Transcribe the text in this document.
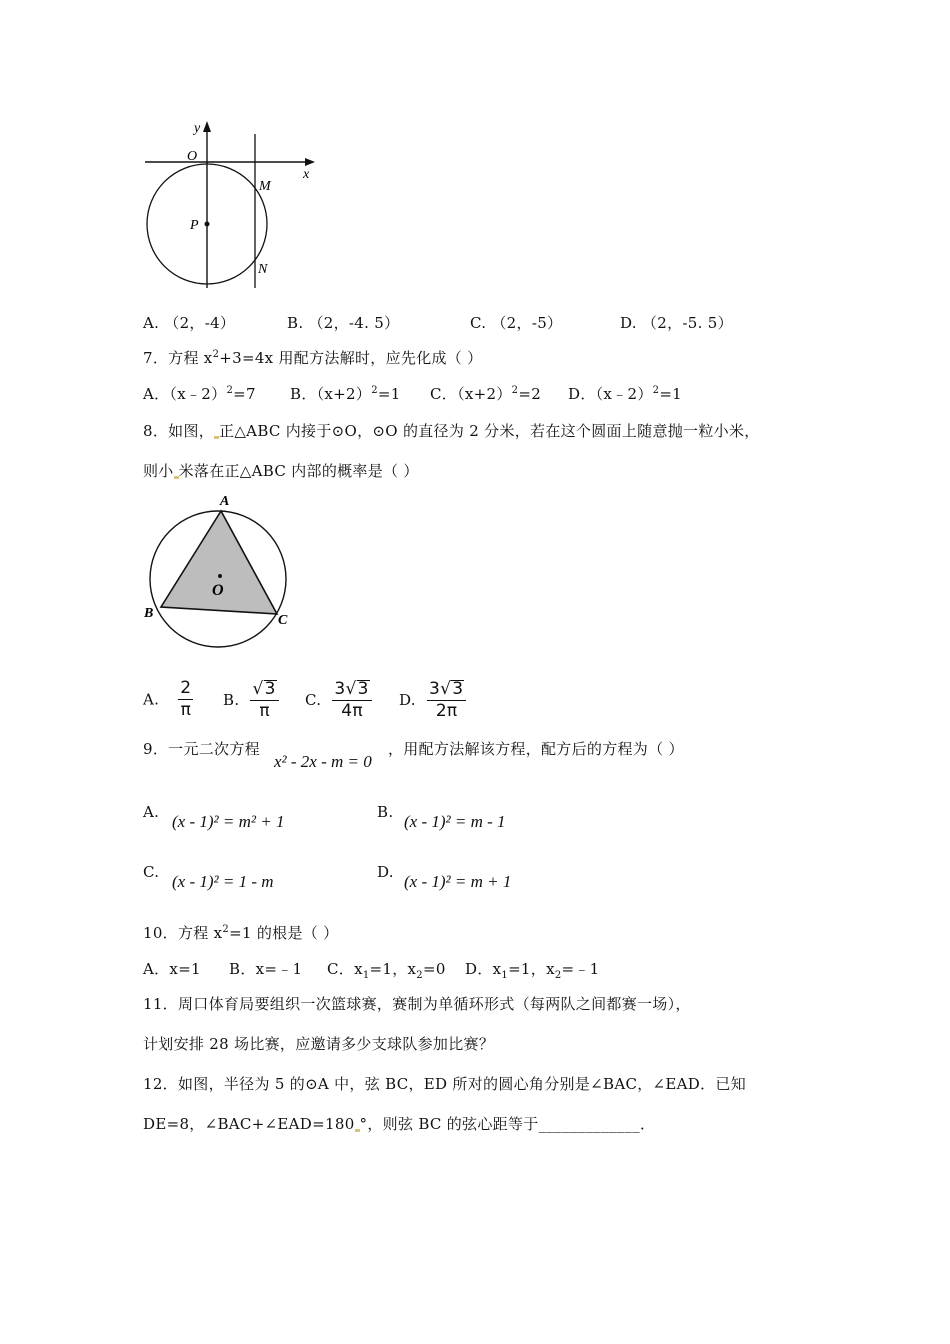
y
x
O
P
M
N
A. （2，-4）	B. （2，-4. 5）	C. （2，-5）	D. （2，-5. 5）
7．方程 $x^2+3=4x$ 用配方法解时，应先化成（ ）
A．（x﹣2）$^2$=7 B．$(x+2)^2=1$ C．$(x+2)^2=2$ D．（x﹣2）$^2$=1
8．如图， 正△ABC 内接于⊙O，⊙O 的直径为 2 分米，若在这个圆面上随意抛一粒小米，
则小 米落在正△ABC 内部的概率是（ ）
A
B	C
O
A. $\frac{2}{\pi} B$. $\frac{√3}{\pi} C$. $\frac{3√3}{4\pi} D$. $\frac{3√3}{2\pi}$
9．一元二次方程
x² - 2x - m = 0
，用配方法解该方程，配方后的方程为（ ）
A. (x - 1)² = m² + 1	B. (x - 1)² = m - 1
C. (x - 1)² = 1 - m	D. (x - 1)² = m + 1
10．方程 $x^2=1$ 的根是（ ）
A．x=1 B．x=﹣1 C．$x_1=1$，$x_2=0$ D．$x_1=1$，$x_2=﹣1$
11．周口体育局要组织一次篮球赛，赛制为单循环形式（每两队之间都赛一场），
计划安排 28 场比赛，应邀请多少支球队参加比赛？
12．如图，半径为 5 的⊙A 中，弦 BC，ED 所对的圆心角分别是∠BAC，∠EAD．已知
DE=8，∠BAC+∠EAD=180 °，则弦 BC 的弦心距等于_____________．
